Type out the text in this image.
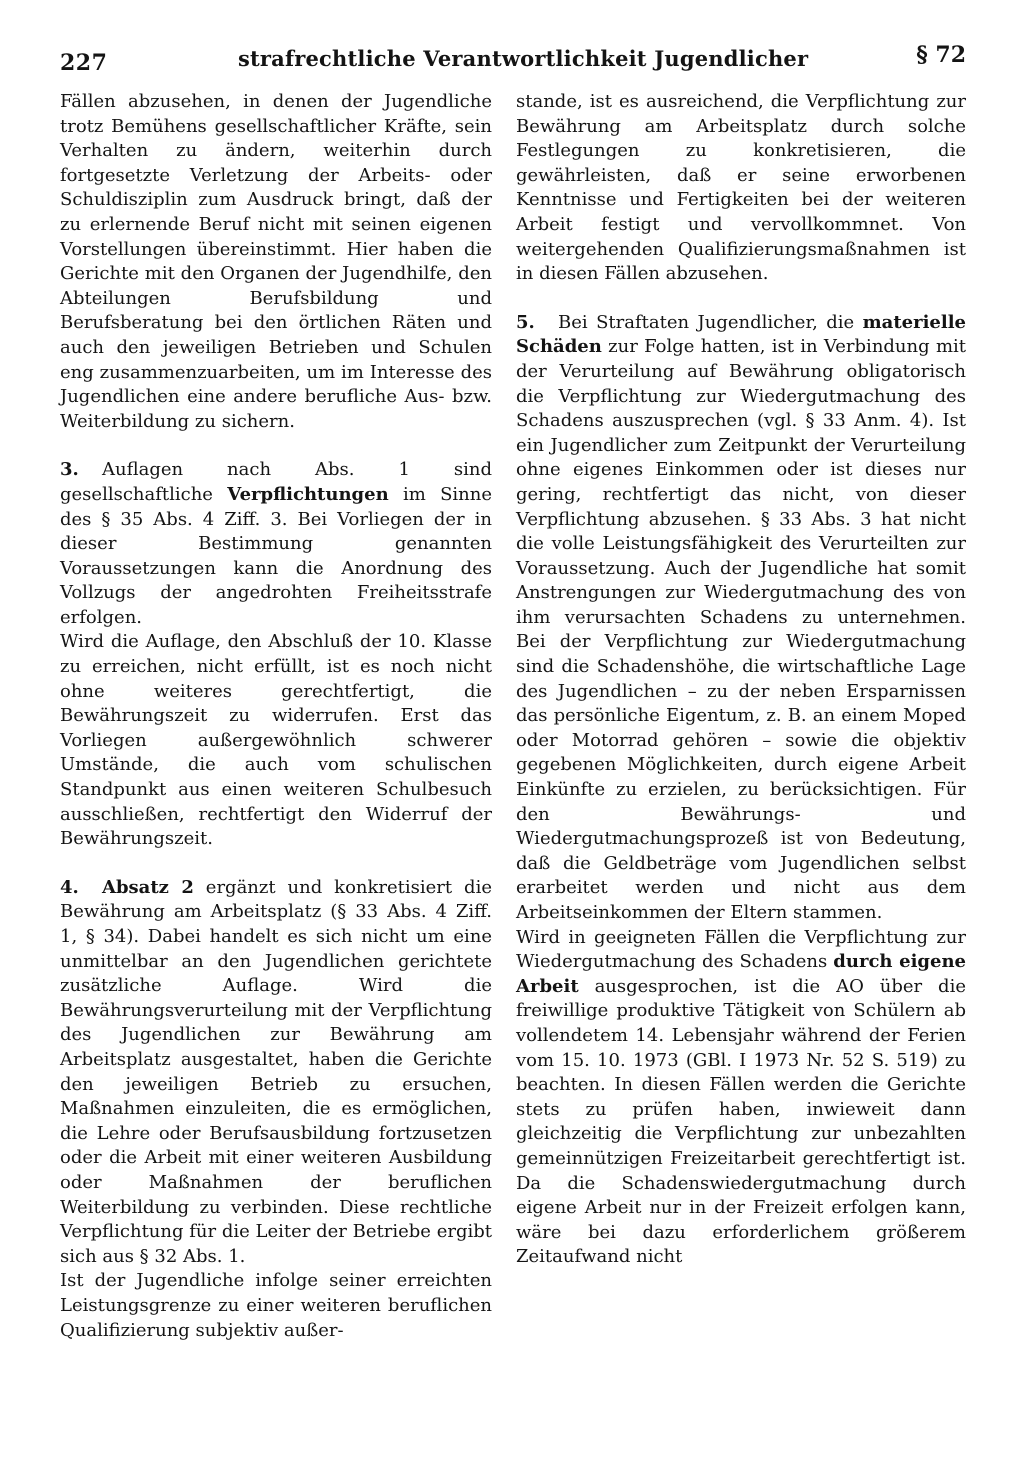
227	strafrechtliche Verantwortlichkeit Jugendlicher	§ 72

Fällen abzusehen, in denen der Jugendliche trotz Bemühens gesellschaftlicher Kräfte, sein Verhalten zu ändern, weiterhin durch fortgesetzte Verletzung der Arbeits- oder Schuldisziplin zum Ausdruck bringt, daß der zu erlernende Beruf nicht mit seinen eigenen Vorstellungen übereinstimmt. Hier haben die Gerichte mit den Organen der Jugendhilfe, den Abteilungen Berufsbildung und Berufsberatung bei den örtlichen Räten und auch den jeweiligen Betrieben und Schulen eng zusammenzuarbeiten, um im Interesse des Jugendlichen eine andere berufliche Aus- bzw. Weiterbildung zu sichern.

3. Auflagen nach Abs. 1 sind gesellschaftliche Verpflichtungen im Sinne des § 35 Abs. 4 Ziff. 3. Bei Vorliegen der in dieser Bestimmung genannten Voraussetzungen kann die Anordnung des Vollzugs der angedrohten Freiheitsstrafe erfolgen.

Wird die Auflage, den Abschluß der 10. Klasse zu erreichen, nicht erfüllt, ist es noch nicht ohne weiteres gerechtfertigt, die Bewährungszeit zu widerrufen. Erst das Vorliegen außergewöhnlich schwerer Umstände, die auch vom schulischen Standpunkt aus einen weiteren Schulbesuch ausschließen, rechtfertigt den Widerruf der Bewährungszeit.

4. Absatz 2 ergänzt und konkretisiert die Bewährung am Arbeitsplatz (§ 33 Abs. 4 Ziff. 1, § 34). Dabei handelt es sich nicht um eine unmittelbar an den Jugendlichen gerichtete zusätzliche Auflage. Wird die Bewährungsverurteilung mit der Verpflichtung des Jugendlichen zur Bewährung am Arbeitsplatz ausgestaltet, haben die Gerichte den jeweiligen Betrieb zu ersuchen, Maßnahmen einzuleiten, die es ermöglichen, die Lehre oder Berufsausbildung fortzusetzen oder die Arbeit mit einer weiteren Ausbildung oder Maßnahmen der beruflichen Weiterbildung zu verbinden. Diese rechtliche Verpflichtung für die Leiter der Betriebe ergibt sich aus § 32 Abs. 1.

Ist der Jugendliche infolge seiner erreichten Leistungsgrenze zu einer weiteren beruflichen Qualifizierung subjektiv außer-

stande, ist es ausreichend, die Verpflichtung zur Bewährung am Arbeitsplatz durch solche Festlegungen zu konkretisieren, die gewährleisten, daß er seine erworbenen Kenntnisse und Fertigkeiten bei der weiteren Arbeit festigt und vervollkommnet. Von weitergehenden Qualifizierungsmaßnahmen ist in diesen Fällen abzusehen.

5. Bei Straftaten Jugendlicher, die materielle Schäden zur Folge hatten, ist in Verbindung mit der Verurteilung auf Bewährung obligatorisch die Verpflichtung zur Wiedergutmachung des Schadens auszusprechen (vgl. § 33 Anm. 4). Ist ein Jugendlicher zum Zeitpunkt der Verurteilung ohne eigenes Einkommen oder ist dieses nur gering, rechtfertigt das nicht, von dieser Verpflichtung abzusehen. § 33 Abs. 3 hat nicht die volle Leistungsfähigkeit des Verurteilten zur Voraussetzung. Auch der Jugendliche hat somit Anstrengungen zur Wiedergutmachung des von ihm verursachten Schadens zu unternehmen. Bei der Verpflichtung zur Wiedergutmachung sind die Schadenshöhe, die wirtschaftliche Lage des Jugendlichen – zu der neben Ersparnissen das persönliche Eigentum, z. B. an einem Moped oder Motorrad gehören – sowie die objektiv gegebenen Möglichkeiten, durch eigene Arbeit Einkünfte zu erzielen, zu berücksichtigen. Für den Bewährungs- und Wiedergutmachungsprozeß ist von Bedeutung, daß die Geldbeträge vom Jugendlichen selbst erarbeitet werden und nicht aus dem Arbeitseinkommen der Eltern stammen.

Wird in geeigneten Fällen die Verpflichtung zur Wiedergutmachung des Schadens durch eigene Arbeit ausgesprochen, ist die AO über die freiwillige produktive Tätigkeit von Schülern ab vollendetem 14. Lebensjahr während der Ferien vom 15. 10. 1973 (GBl. I 1973 Nr. 52 S. 519) zu beachten. In diesen Fällen werden die Gerichte stets zu prüfen haben, inwieweit dann gleichzeitig die Verpflichtung zur unbezahlten gemeinnützigen Freizeitarbeit gerechtfertigt ist. Da die Schadenswiedergutmachung durch eigene Arbeit nur in der Freizeit erfolgen kann, wäre bei dazu erforderlichem größerem Zeitaufwand nicht
